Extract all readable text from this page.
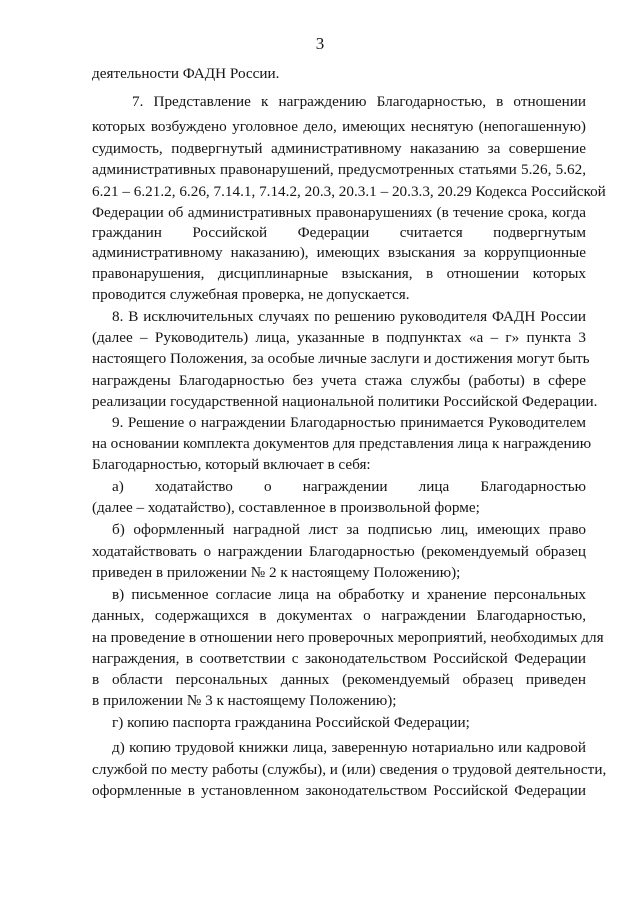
3
деятельности ФАДН России.
7. Представление к награждению Благодарностью, в отношении
которых возбуждено уголовное дело, имеющих неснятую (непогашенную)
судимость, подвергнутый административному наказанию за совершение
административных правонарушений, предусмотренных статьями 5.26, 5.62,
6.21 – 6.21.2, 6.26, 7.14.1, 7.14.2, 20.3, 20.3.1 – 20.3.3, 20.29 Кодекса Российской
Федерации об административных правонарушениях (в течение срока, когда
гражданин Российской Федерации считается подвергнутым
административному наказанию), имеющих взыскания за коррупционные
правонарушения, дисциплинарные взыскания, в отношении которых
проводится служебная проверка, не допускается.
8. В исключительных случаях по решению руководителя ФАДН России
(далее – Руководитель) лица, указанные в подпунктах «а – г» пункта 3
настоящего Положения, за особые личные заслуги и достижения могут быть
награждены Благодарностью без учета стажа службы (работы) в сфере
реализации государственной национальной политики Российской Федерации.
9. Решение о награждении Благодарностью принимается Руководителем
на основании комплекта документов для представления лица к награждению
Благодарностью, который включает в себя:
а) ходатайство о награждении лица Благодарностью
(далее – ходатайство), составленное в произвольной форме;
б) оформленный наградной лист за подписью лиц, имеющих право
ходатайствовать о награждении Благодарностью (рекомендуемый образец
приведен в приложении № 2 к настоящему Положению);
в) письменное согласие лица на обработку и хранение персональных
данных, содержащихся в документах о награждении Благодарностью,
на проведение в отношении него проверочных мероприятий, необходимых для
награждения, в соответствии с законодательством Российской Федерации
в области персональных данных (рекомендуемый образец приведен
в приложении № 3 к настоящему Положению);
г) копию паспорта гражданина Российской Федерации;
д) копию трудовой книжки лица, заверенную нотариально или кадровой
службой по месту работы (службы), и (или) сведения о трудовой деятельности,
оформленные в установленном законодательством Российской Федерации
